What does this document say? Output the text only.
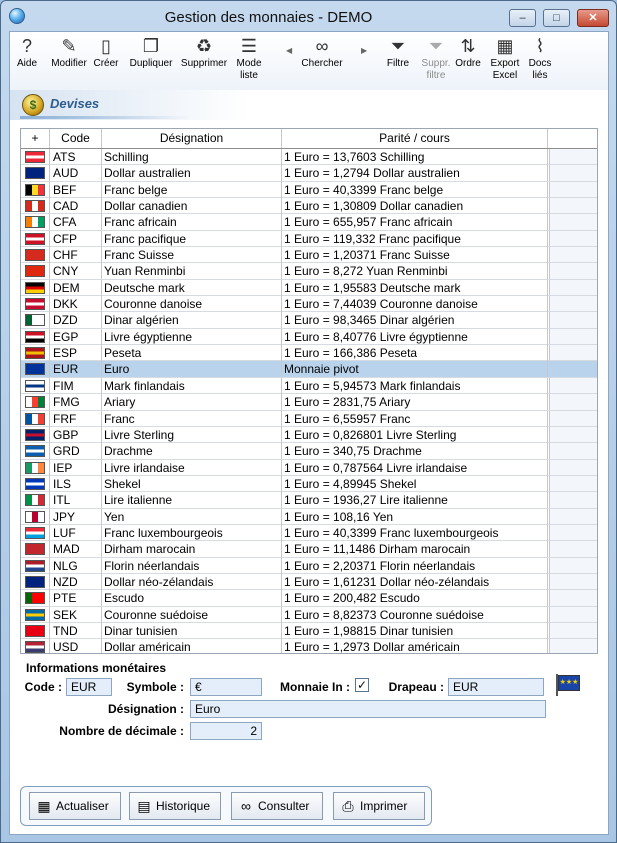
Gestion des monnaies - DEMO	–	□	✕
◀	▶
?
Aide
✎
Modifier
▯
Créer
❐
Dupliquer
♻
Supprimer
☰
Mode
liste
∞
Chercher
⏷
Filtre
⏷
Suppr.
filtre
⇅
Ordre
▦
Export
Excel
⌇
Docs
liés
$	Devises
+	Code	Désignation	Parité / cours
ATS	Schilling	1 Euro = 13,7603 Schilling
AUD	Dollar australien	1 Euro = 1,2794 Dollar australien
BEF	Franc belge	1 Euro = 40,3399 Franc belge
CAD	Dollar canadien	1 Euro = 1,30809 Dollar canadien
CFA	Franc africain	1 Euro = 655,957 Franc africain
CFP	Franc pacifique	1 Euro = 119,332 Franc pacifique
CHF	Franc Suisse	1 Euro = 1,20371 Franc Suisse
CNY	Yuan Renminbi	1 Euro = 8,272 Yuan Renminbi
DEM	Deutsche mark	1 Euro = 1,95583 Deutsche mark
DKK	Couronne danoise	1 Euro = 7,44039 Couronne danoise
DZD	Dinar algérien	1 Euro = 98,3465 Dinar algérien
EGP	Livre égyptienne	1 Euro = 8,40776 Livre égyptienne
ESP	Peseta	1 Euro = 166,386 Peseta
EUR	Euro	Monnaie pivot
FIM	Mark finlandais	1 Euro = 5,94573 Mark finlandais
FMG	Ariary	1 Euro = 2831,75 Ariary
FRF	Franc	1 Euro = 6,55957 Franc
GBP	Livre Sterling	1 Euro = 0,826801 Livre Sterling
GRD	Drachme	1 Euro = 340,75 Drachme
IEP	Livre irlandaise	1 Euro = 0,787564 Livre irlandaise
ILS	Shekel	1 Euro = 4,89945 Shekel
ITL	Lire italienne	1 Euro = 1936,27 Lire italienne
JPY	Yen	1 Euro = 108,16 Yen
LUF	Franc luxembourgeois	1 Euro = 40,3399 Franc luxembourgeois
MAD	Dirham marocain	1 Euro = 11,1486 Dirham marocain
NLG	Florin néerlandais	1 Euro = 2,20371 Florin néerlandais
NZD	Dollar néo-zélandais	1 Euro = 1,61231 Dollar néo-zélandais
PTE	Escudo	1 Euro = 200,482 Escudo
SEK	Couronne suédoise	1 Euro = 8,82373 Couronne suédoise
TND	Dinar tunisien	1 Euro = 1,98815 Dinar tunisien
USD	Dollar américain	1 Euro = 1,2973 Dollar américain
Informations monétaires
Code : EUR	Symbole : €	Monnaie In : ✓	Drapeau : EUR	★★★
Désignation : Euro
Nombre de décimale :	2
▦ Actualiser	▤ Historique	∞ Consulter	⎙ Imprimer
